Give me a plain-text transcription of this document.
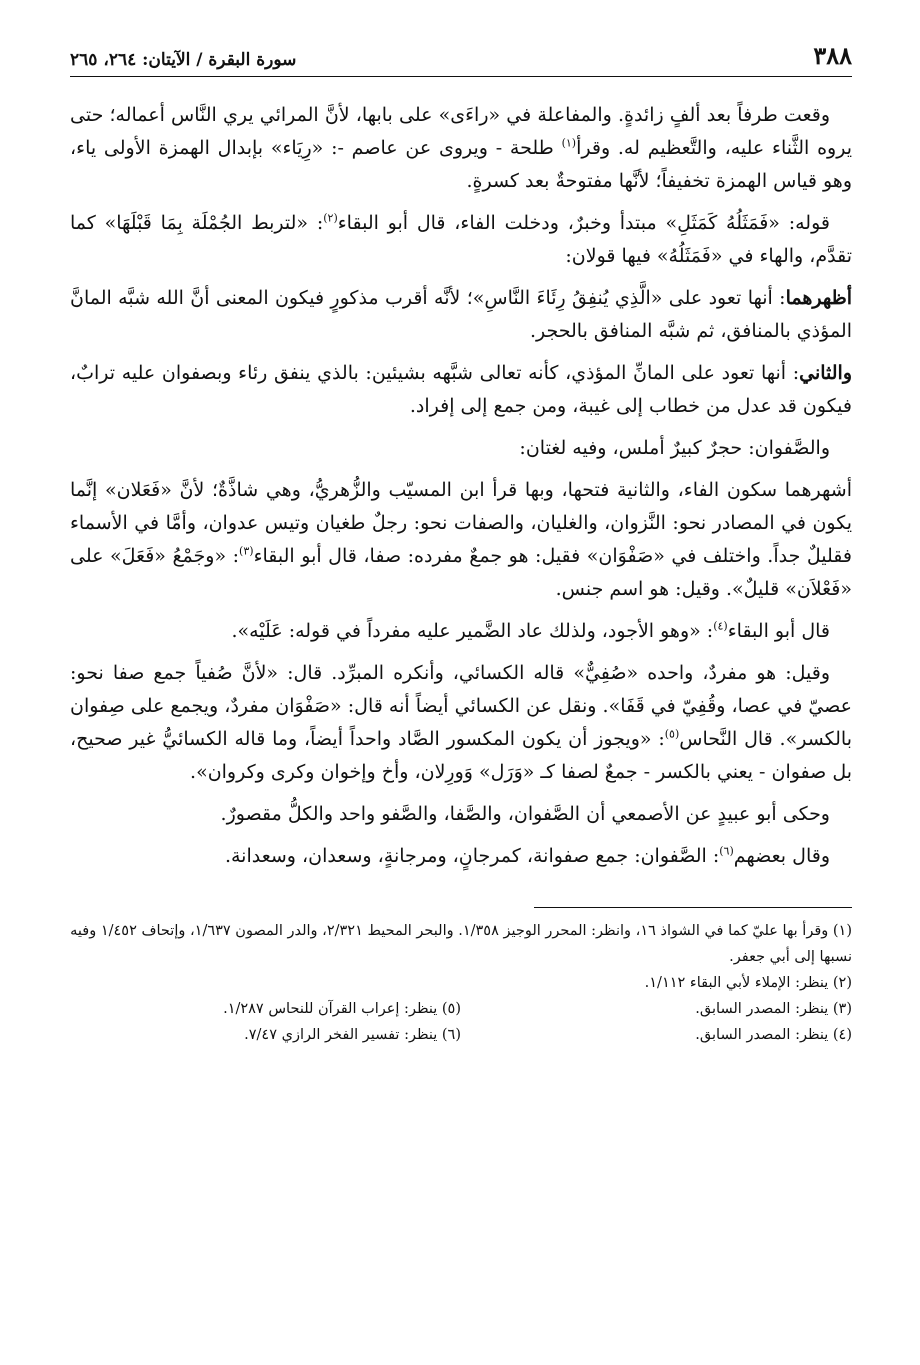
٣٨٨
سورة البقرة / الآيتان: ٢٦٤، ٢٦٥

وقعت طرفاً بعد ألفٍ زائدةٍ. والمفاعلة في «راءَى» على بابها، لأنَّ المرائي يري النَّاس أعماله؛ حتى يروه الثَّناء عليه، والتَّعظيم له. وقرأ$^{(١)}$ طلحة - ويروى عن عاصم -: «رِيَاء» بإبدال الهمزة الأولى ياء، وهو قياس الهمزة تخفيفاً؛ لأنَّها مفتوحةٌ بعد كسرةٍ.

قوله: «فَمَثَلُهُ كَمَثَلِ» مبتدأ وخبرٌ، ودخلت الفاء، قال أبو البقاء$^{(٢)}$: «لتربط الجُمْلَة بِمَا قَبْلَهَا» كما تقدَّم، والهاء في «فَمَثَلُهُ» فيها قولان:

أظهرهما: أنها تعود على «الَّذِي يُنفِقُ رِئَاءَ النَّاسِ»؛ لأنَّه أقرب مذكورٍ فيكون المعنى أنَّ الله شبَّه المانَّ المؤذي بالمنافق، ثم شبَّه المنافق بالحجر.

والثاني: أنها تعود على المانِّ المؤذي، كأنه تعالى شبَّهه بشيئين: بالذي ينفق رئاء وبصفوان عليه ترابٌ، فيكون قد عدل من خطاب إلى غيبة، ومن جمع إلى إفراد.

والصَّفوان: حجرٌ كبيرٌ أملس، وفيه لغتان:

أشهرهما سكون الفاء، والثانية فتحها، وبها قرأ ابن المسيّب والزُّهريُّ، وهي شاذَّةٌ؛ لأنَّ «فَعَلان» إنَّما يكون في المصادر نحو: النَّزوان، والغليان، والصفات نحو: رجلٌ طغيان وتيس عدوان، وأمَّا في الأسماء فقليلٌ جداً. واختلف في «صَفْوَان» فقيل: هو جمعٌ مفرده: صفا، قال أبو البقاء$^{(٣)}$: «وجَمْعُ «فَعَلَ» على «فَعْلاَن» قليلٌ». وقيل: هو اسم جنس.

قال أبو البقاء$^{(٤)}$: «وهو الأجود، ولذلك عاد الضَّمير عليه مفرداً في قوله: عَلَيْه».

وقيل: هو مفردٌ، واحده «صُفِيٌّ» قاله الكسائي، وأنكره المبرِّد. قال: «لأنَّ صُفياً جمع صفا نحو: عصيّ في عصا، وقُفِيّ في قَفَا». ونقل عن الكسائي أيضاً أنه قال: «صَفْوَان مفردٌ، ويجمع على صِفوان بالكسر». قال النَّحاس$^{(٥)}$: «ويجوز أن يكون المكسور الصَّاد واحداً أيضاً، وما قاله الكسائيُّ غير صحيح، بل صفوان - يعني بالكسر - جمعٌ لصفا كـ «وَرَل» وَورِلان، وأخ وإخوان وكرى وكروان».

وحكى أبو عبيدٍ عن الأصمعي أن الصَّفوان، والصَّفا، والصَّفو واحد والكلُّ مقصورٌ.

وقال بعضهم$^{(٦)}$: الصَّفوان: جمع صفوانة، كمرجانٍ، ومرجانةٍ، وسعدان، وسعدانة.

(١) وقرأ بها عليّ كما في الشواذ ١٦، وانظر: المحرر الوجيز ١/٣٥٨. والبحر المحيط ٢/٣٢١، والدر المصون ١/٦٣٧، وإتحاف ١/٤٥٢ وفيه نسبها إلى أبي جعفر.

(٢) ينظر: الإملاء لأبي البقاء ١/١١٢.

(٣) ينظر: المصدر السابق.

(٥) ينظر: إعراب القرآن للنحاس ١/٢٨٧.

(٤) ينظر: المصدر السابق.

(٦) ينظر: تفسير الفخر الرازي ٧/٤٧.
